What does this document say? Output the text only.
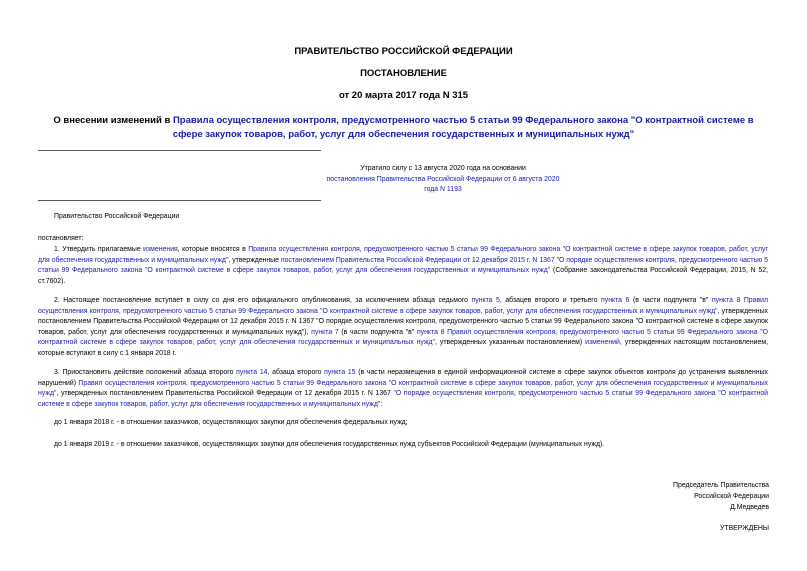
ПРАВИТЕЛЬСТВО РОССИЙСКОЙ ФЕДЕРАЦИИ
ПОСТАНОВЛЕНИЕ
от 20 марта 2017 года N 315
О внесении изменений в Правила осуществления контроля, предусмотренного частью 5 статьи 99 Федерального закона "О контрактной системе в сфере закупок товаров, работ, услуг для обеспечения государственных и муниципальных нужд"
Утратило силу с 13 августа 2020 года на основании
постановления Правительства Российской Федерации от 6 августа 2020 года N 1193
Правительство Российской Федерации
постановляет:
1. Утвердить прилагаемые изменения, которые вносятся в Правила осуществления контроля, предусмотренного частью 5 статьи 99 Федерального закона "О контрактной системе в сфере закупок товаров, работ, услуг для обеспечения государственных и муниципальных нужд", утвержденные постановлением Правительства Российской Федерации от 12 декабря 2015 г. N 1367 "О порядке осуществления контроля, предусмотренного частью 5 статьи 99 Федерального закона "О контрактной системе в сфере закупок товаров, работ, услуг для обеспечения государственных и муниципальных нужд" (Собрание законодательства Российской Федерации, 2015, N 52, ст.7602).
2. Настоящее постановление вступает в силу со дня его официального опубликования, за исключением абзаца седьмого пункта 5, абзацев второго и третьего пункта 6 (в части подпункта "в" пункта 8 Правил осуществления контроля, предусмотренного частью 5 статьи 99 Федерального закона "О контрактной системе в сфере закупок товаров, работ, услуг для обеспечения государственных и муниципальных нужд", утвержденных постановлением Правительства Российской Федерации от 12 декабря 2015 г. N 1367 "О порядке осуществления контроля, предусмотренного частью 5 статьи 99 Федерального закона "О контрактной системе в сфере закупок товаров, работ, услуг для обеспечения государственных и муниципальных нужд"), пункта 7 (в части подпункта "в" пункта 8 Правил осуществления контроля, предусмотренного частью 5 статьи 99 Федерального закона "О контрактной системе в сфере закупок товаров, работ, услуг для обеспечения государственных и муниципальных нужд", утвержденных указанным постановлением) изменений, утвержденных настоящим постановлением, которые вступают в силу с 1 января 2018 г.
3. Приостановить действие положений абзаца второго пункта 14, абзаца второго пункта 15 (в части неразмещения в единой информационной системе в сфере закупок объектов контроля до устранения выявленных нарушений) Правил осуществления контроля, предусмотренного частью 5 статьи 99 Федерального закона "О контрактной системе в сфере закупок товаров, работ, услуг для обеспечения государственных и муниципальных нужд", утвержденных постановлением Правительства Российской Федерации от 12 декабря 2015 г. N 1367 "О порядке осуществления контроля, предусмотренного частью 5 статьи 99 Федерального закона "О контрактной системе в сфере закупок товаров, работ, услуг для обеспечения государственных и муниципальных нужд":
до 1 января 2018 г. - в отношении заказчиков, осуществляющих закупки для обеспечения федеральных нужд;
до 1 января 2019 г. - в отношении заказчиков, осуществляющих закупки для обеспечения государственных нужд субъектов Российской Федерации (муниципальных нужд).
Председатель Правительства
Российской Федерации
Д.Медведев
УТВЕРЖДЕНЫ
